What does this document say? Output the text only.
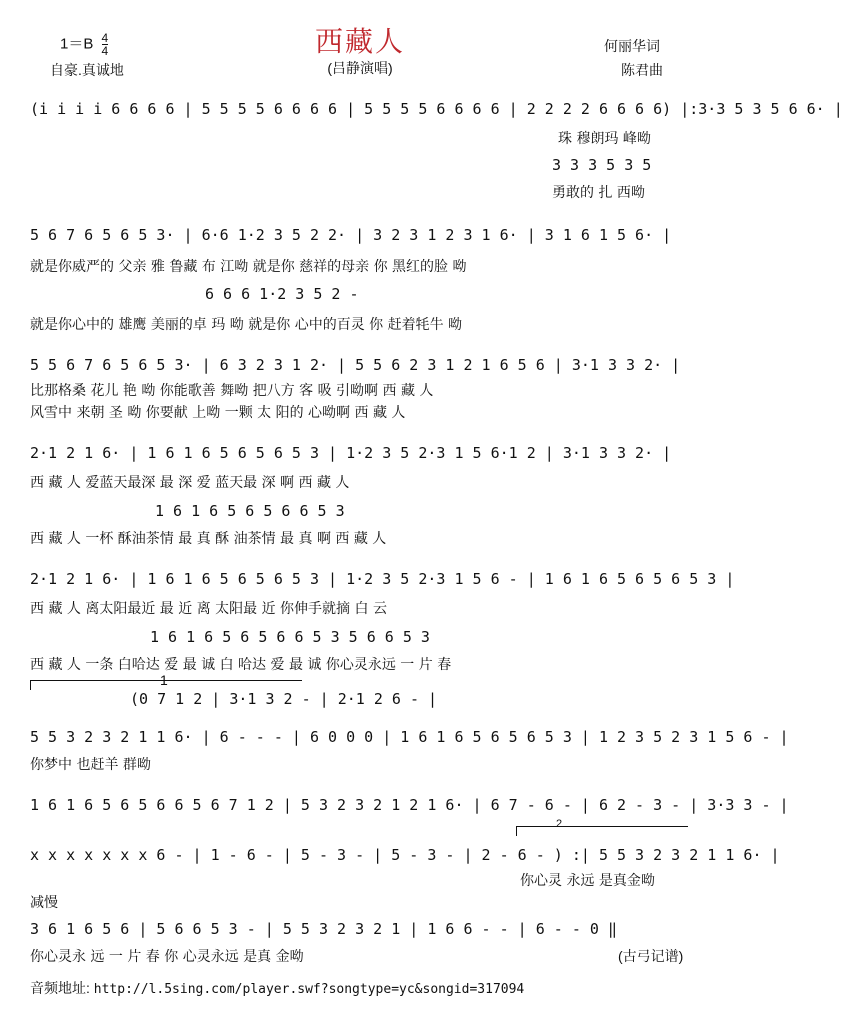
西藏人
(吕静演唱)
$1=B \frac{4}{4}$
自豪.真诚地
何丽华词
陈君曲
(i i i i 6 6 6 6 | 5 5 5 5 6 6 6 6 | 5 5 5 5 6 6 6 6 | 2 2 2 2 6 6 6 6) |:3·3 5 3 5 6 6· |
珠 穆朗玛 峰呦
3 3 3 5 3 5
勇敢的 扎 西呦
5 6 7 6 5 6 5 3· | 6·6 1·2 3 5 2 2· | 3 2 3 1 2 3 1 6· | 3 1 6 1 5 6· |
就是你威严的 父亲 雅 鲁藏 布 江呦 就是你 慈祥的母亲 你 黑红的脸 呦
6 6 6 1·2 3 5 2 -
就是你心中的 雄鹰 美丽的卓 玛 呦 就是你 心中的百灵 你 赶着牦牛 呦
5 5 6 7 6 5 6 5 3· | 6 3 2 3 1 2· | 5 5 6 2 3 1 2 1 6 5 6 | 3·1 3 3 2· |
比那格桑 花儿 艳 呦 你能歌善 舞呦 把八方 客 吸 引呦啊 西 藏 人
风雪中 来朝 圣 呦 你要献 上呦 一颗 太 阳的 心呦啊 西 藏 人
2·1 2 1 6· | 1 6 1 6 5 6 5 6 5 3 | 1·2 3 5 2·3 1 5 6·1 2 | 3·1 3 3 2· |
西 藏 人 爱蓝天最深 最 深 爱 蓝天最 深 啊 西 藏 人
1 6 1 6 5 6 5 6 6 5 3
西 藏 人 一杯 酥油茶情 最 真 酥 油茶情 最 真 啊 西 藏 人
2·1 2 1 6· | 1 6 1 6 5 6 5 6 5 3 | 1·2 3 5 2·3 1 5 6 - | 1 6 1 6 5 6 5 6 5 3 |
西 藏 人 离太阳最近 最 近 离 太阳最 近 你伸手就摘 白 云
1 6 1 6 5 6 5 6 6 5 3 5 6 6 5 3
西 藏 人 一条 白哈达 爱 最 诚 白 哈达 爱 最 诚 你心灵永远 一 片 春
1
(0 7 1 2 | 3·1 3 2 - | 2·1 2 6 - |
5 5 3 2 3 2 1 1 6· | 6 - - - | 6 0 0 0 | 1 6 1 6 5 6 5 6 5 3 | 1 2 3 5 2 3 1 5 6 - |
你梦中 也赶羊 群呦
1 6 1 6 5 6 5 6 6 5 6 7 1 2 | 5 3 2 3 2 1 2 1 6· | 6 7 - 6 - | 6 2 - 3 - | 3·3 3 - |
2
x x x x x x x 6 - | 1 - 6 - | 5 - 3 - | 5 - 3 - | 2 - 6 - ) :| 5 5 3 2 3 2 1 1 6· |
你心灵 永远 是真金呦
减慢
3 6 1 6 5 6 | 5 6 6 5 3 - | 5 5 3 2 3 2 1 | 1 6 6 - - | 6 - - 0 ‖
你心灵永 远 一 片 春 你 心灵永远 是真 金呦	(古弓记谱)
音频地址: http://l.5sing.com/player.swf?songtype=yc&songid=317094
